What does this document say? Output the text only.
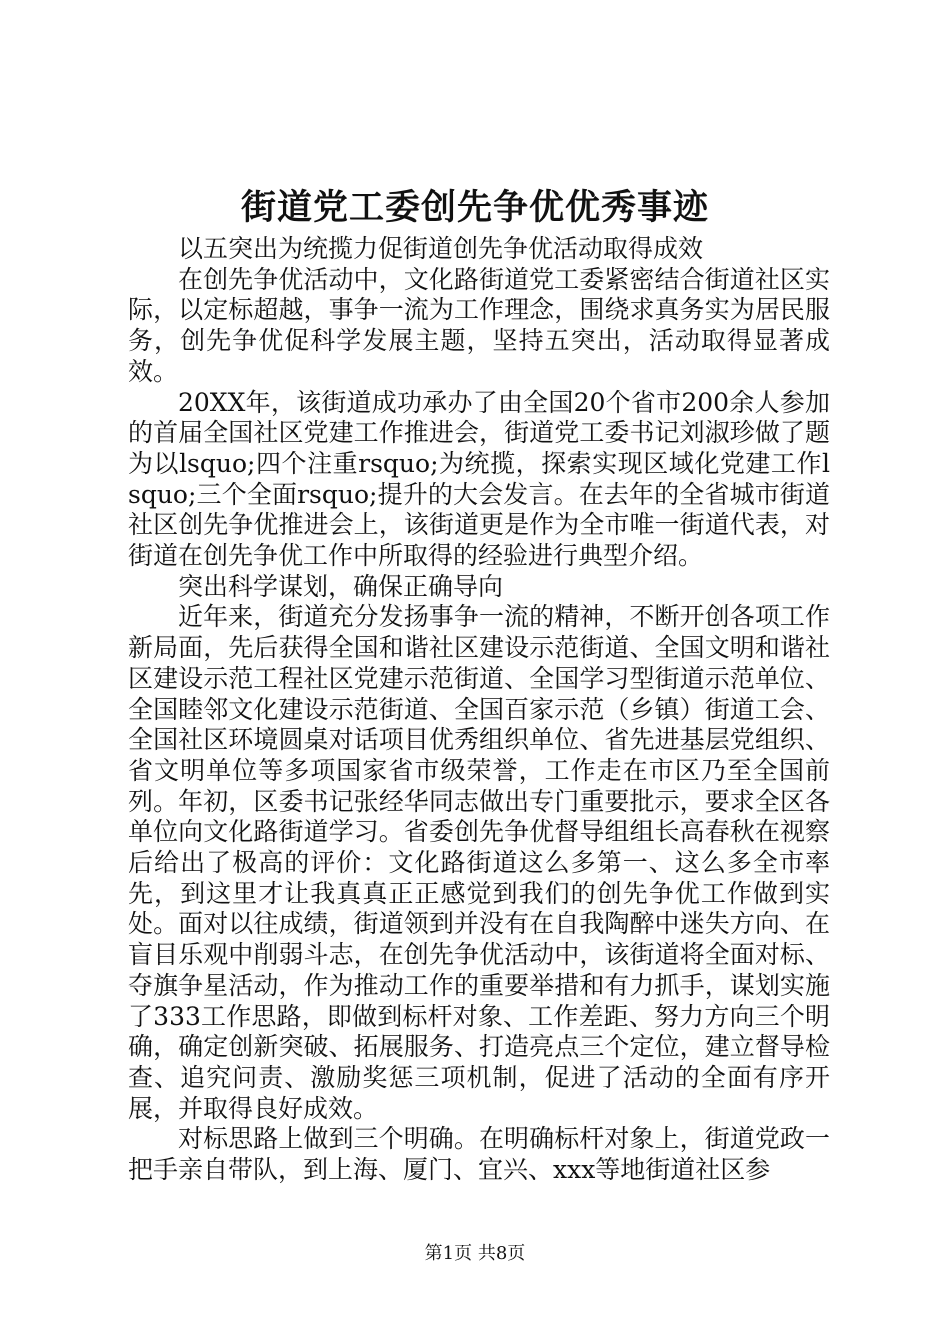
街道党工委创先争优优秀事迹

以五突出为统揽力促街道创先争优活动取得成效

在创先争优活动中，文化路街道党工委紧密结合街道社区实际，以定标超越，事争一流为工作理念，围绕求真务实为居民服务，创先争优促科学发展主题，坚持五突出，活动取得显著成效。

20XX年，该街道成功承办了由全国20个省市200余人参加的首届全国社区党建工作推进会，街道党工委书记刘淑珍做了题为以lsquo;四个注重rsquo;为统揽，探索实现区域化党建工作lsquo;三个全面rsquo;提升的大会发言。在去年的全省城市街道社区创先争优推进会上，该街道更是作为全市唯一街道代表，对街道在创先争优工作中所取得的经验进行典型介绍。

突出科学谋划，确保正确导向

近年来，街道充分发扬事争一流的精神，不断开创各项工作新局面，先后获得全国和谐社区建设示范街道、全国文明和谐社区建设示范工程社区党建示范街道、全国学习型街道示范单位、全国睦邻文化建设示范街道、全国百家示范（乡镇）街道工会、全国社区环境圆桌对话项目优秀组织单位、省先进基层党组织、省文明单位等多项国家省市级荣誉，工作走在市区乃至全国前列。年初，区委书记张经华同志做出专门重要批示，要求全区各单位向文化路街道学习。省委创先争优督导组组长高春秋在视察后给出了极高的评价：文化路街道这么多第一、这么多全市率先，到这里才让我真真正正感觉到我们的创先争优工作做到实处。面对以往成绩，街道领到并没有在自我陶醉中迷失方向、在盲目乐观中削弱斗志，在创先争优活动中，该街道将全面对标、夺旗争星活动，作为推动工作的重要举措和有力抓手，谋划实施了333工作思路，即做到标杆对象、工作差距、努力方向三个明确，确定创新突破、拓展服务、打造亮点三个定位，建立督导检查、追究问责、激励奖惩三项机制，促进了活动的全面有序开展，并取得良好成效。

对标思路上做到三个明确。在明确标杆对象上，街道党政一把手亲自带队，到上海、厦门、宜兴、xxx等地街道社区参

第1页 共8页
